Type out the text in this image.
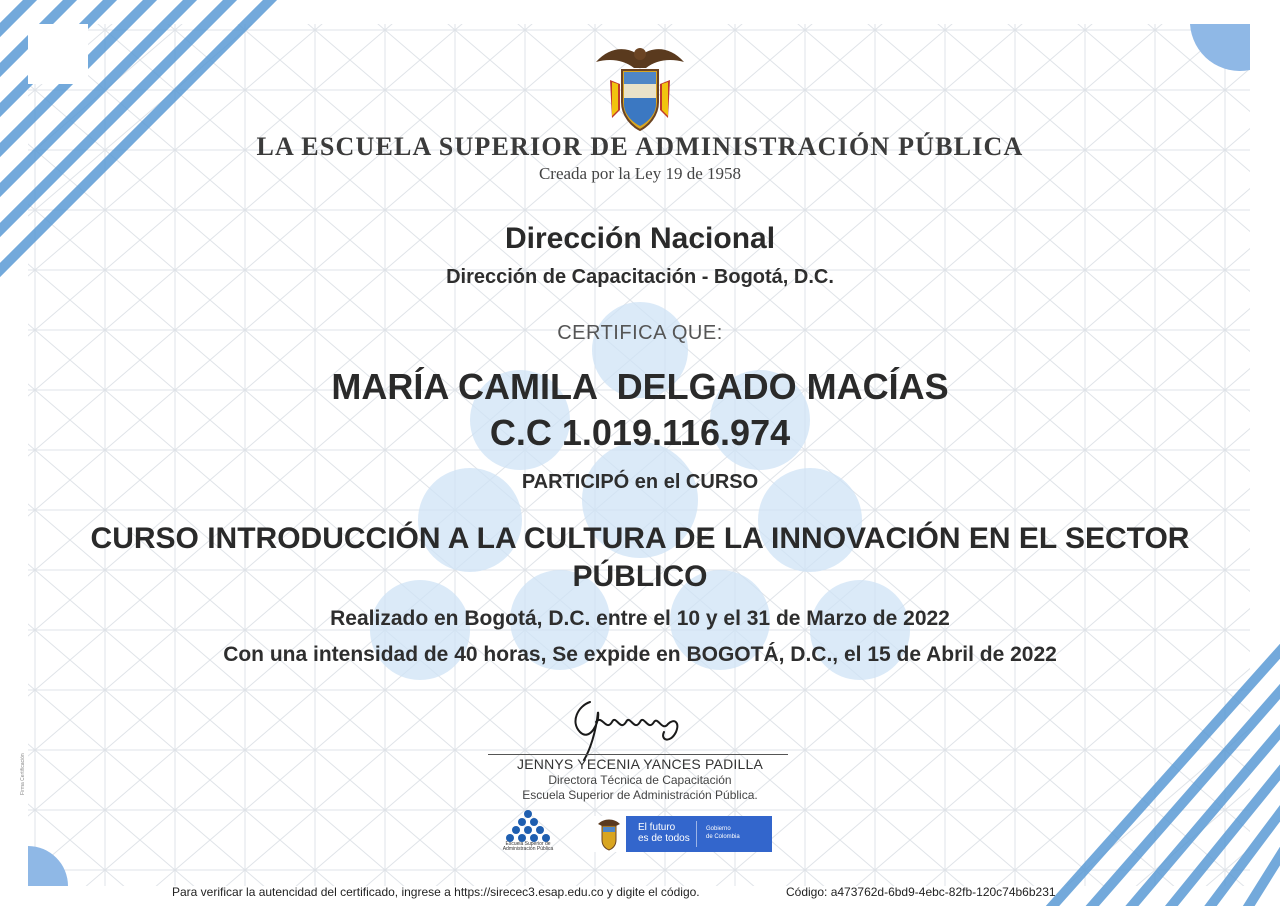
LA ESCUELA SUPERIOR DE ADMINISTRACIÓN PÚBLICA
Creada por la Ley 19 de 1958
Dirección Nacional
Dirección de Capacitación - Bogotá, D.C.
CERTIFICA QUE:
MARÍA CAMILA  DELGADO MACÍAS
C.C 1.019.116.974
PARTICIPÓ en el CURSO
CURSO INTRODUCCIÓN A LA CULTURA DE LA INNOVACIÓN EN EL SECTOR PÚBLICO
Realizado en Bogotá, D.C. entre el 10 y el 31 de Marzo de 2022
Con una intensidad de 40 horas, Se expide en BOGOTÁ, D.C., el 15 de Abril de 2022
JENNYS YECENIA YANCES PADILLA
Directora Técnica de Capacitación
Escuela Superior de Administración Pública.
Escuela Superior de Administración Pública
El futuro
es de todos
Gobierno
de Colombia
Firma Certificación
Para verificar la autencidad del certificado, ingrese a https://sirecec3.esap.edu.co y digite el código.	Código: a473762d-6bd9-4ebc-82fb-120c74b6b231
